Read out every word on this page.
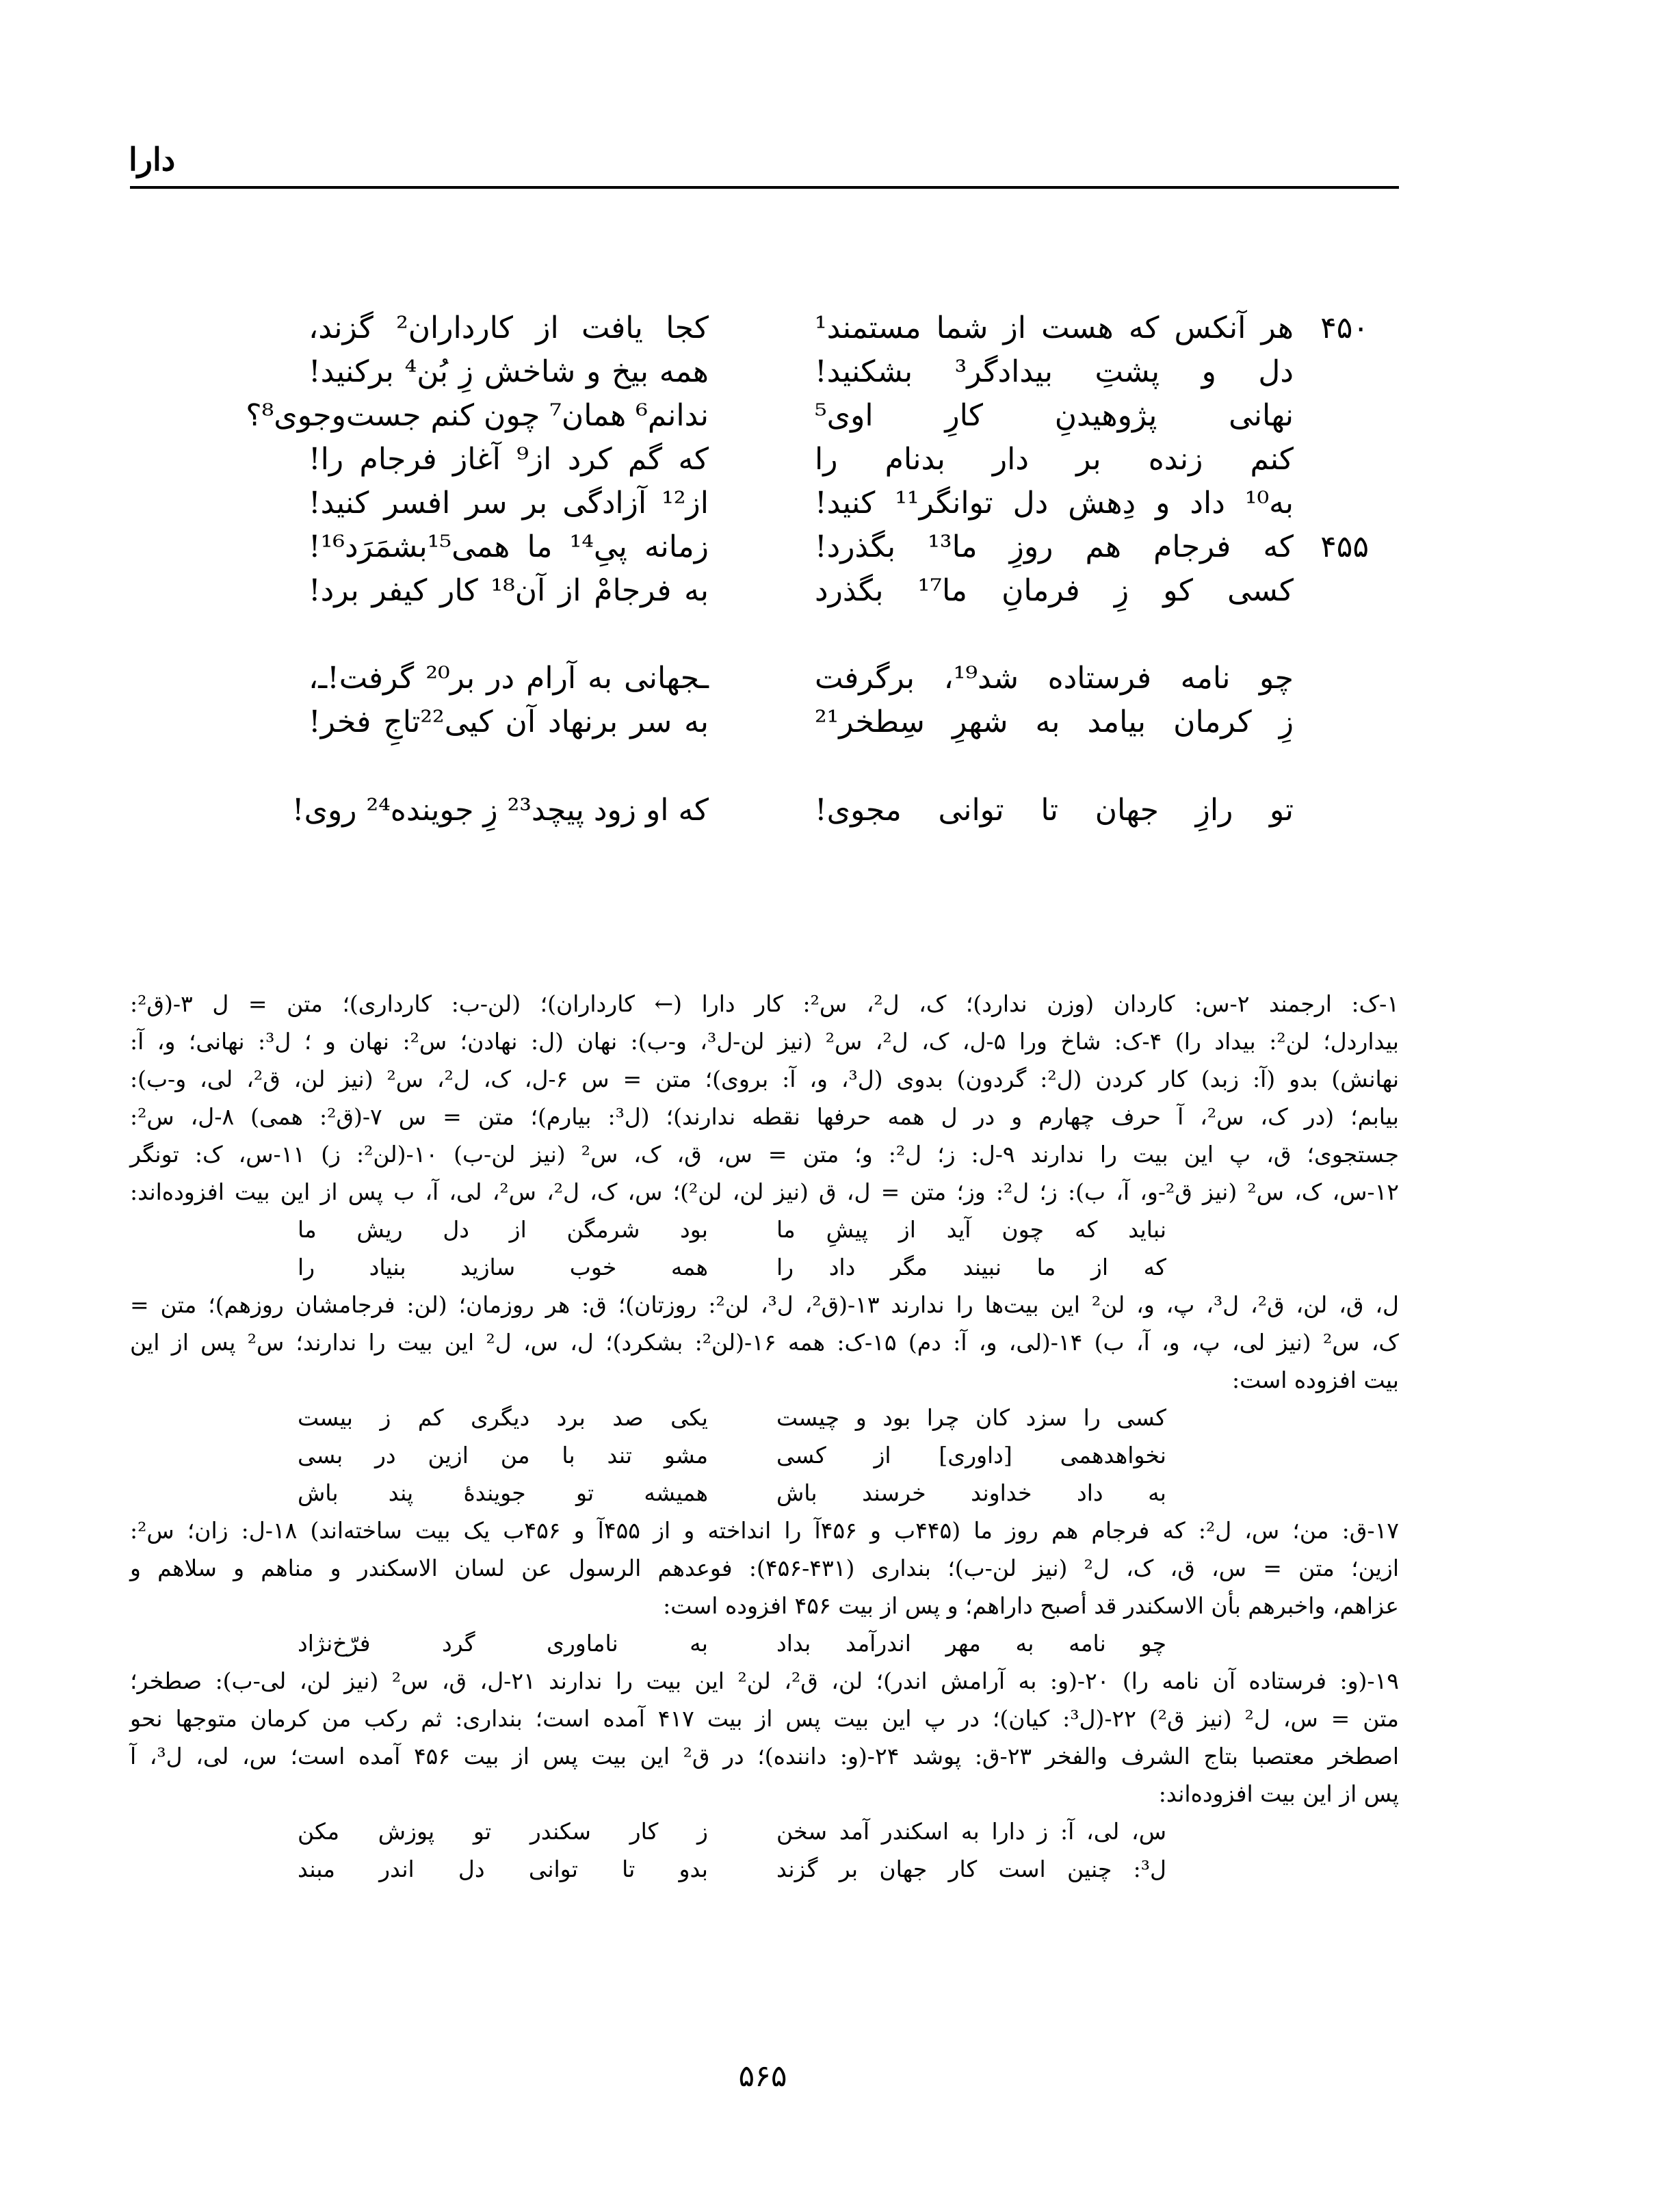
دارا
۴۵۰
هر آنکس که هست از شما مستمند¹
کجا یافت از کارداران² گزند،
دل و پشتِ بیدادگر³ بشکنید!
همه بیخ و شاخش زِ بُن⁴ برکنید!
نهانی پژوهیدنِ کارِ اوی⁵
ندانم⁶ همان⁷ چون کنم جست‌وجوی⁸؟
کنم زنده بر دار بدنام را
که گم کرد از⁹ آغاز فرجام را!
به¹⁰ داد و دِهش دل توانگر¹¹ کنید!
از¹² آزادگی بر سر افسر کنید!
۴۵۵
که فرجام هم روزِ ما¹³ بگذرد!
زمانه پیِ¹⁴ ما همی¹⁵بشمَرَد¹⁶!
کسی کو زِ فرمانِ ما¹⁷ بگذرد
به فرجامْ از آن¹⁸ کار کیفر برد!
چو نامه فرستاده شد¹⁹، برگرفت
ـجهانی به آرام در بر²⁰ گرفت!ـ،
زِ کرمان بیامد به شهرِ سِطخر²¹
به سر برنهاد آن کیی²²تاجِ فخر!
تو رازِ جهان تا توانی مجوی!
که او زود پیچد²³ زِ جوینده²⁴ روی!
۱-ک: ارجمند ۲-س: کاردان (وزن ندارد)؛ ک، ل²، س²: کار دارا (← کارداران)؛ (لن-ب: کارداری)؛ متن = ل ۳-(ق²:
بیداردل؛ لن²: بیداد را) ۴-ک: شاخ ورا ۵-ل، ک، ل²، س² (نیز لن-ل³، و-ب): نهان (ل: نهادن؛ س²: نهان و ؛ ل³: نهانی؛ و، آ:
نهانش) بدو (آ: زبد) کار کردن (ل²: گردون) بدوی (ل³، و، آ: بروی)؛ متن = س ۶-ل، ک، ل²، س² (نیز لن، ق²، لی، و-ب):
بیابم؛ (در ک، س²، آ حرف چهارم و در ل همه حرفها نقطه ندارند)؛ (ل³: بیارم)؛ متن = س ۷-(ق²: همی) ۸-ل، س²:
جستجوی؛ ق، پ این بیت را ندارند ۹-ل: ز؛ ل²: و؛ متن = س، ق، ک، س² (نیز لن-ب) ۱۰-(لن²: ز) ۱۱-س، ک: تونگر
۱۲-س، ک، س² (نیز ق²-و، آ، ب): ز؛ ل²: وز؛ متن = ل، ق (نیز لن، لن²)؛ س، ک، ل²، س²، لی، آ، ب پس از این بیت افزوده‌اند:
نباید که چون آید از پیشِ ما
بود شرمگن از دل ریش ما
که از ما نبیند مگر داد را
همه خوب سازید بنیاد را
ل، ق، لن، ق²، ل³، پ، و، لن² این بیت‌ها را ندارند ۱۳-(ق²، ل³، لن²: روزتان)؛ ق: هر روزمان؛ (لن: فرجامشان روزهم)؛ متن =
ک، س² (نیز لی، پ، و، آ، ب) ۱۴-(لی، و، آ: دم) ۱۵-ک: همه ۱۶-(لن²: بشکرد)؛ ل، س، ل² این بیت را ندارند؛ س² پس از این
بیت افزوده است:
کسی را سزد کان چرا بود و چیست
یکی صد برد دیگری کم ز بیست
نخواهدهمی [داوری] از کسی
مشو تند با من ازین در بسی
به داد خداوند خرسند باش
همیشه تو جویندهٔ پند باش
۱۷-ق: من؛ س، ل²: که فرجام هم روز ما (۴۴۵ب و ۴۵۶آ را انداخته و از ۴۵۵آ و ۴۵۶ب یک بیت ساخته‌اند) ۱۸-ل: زان؛ س²:
ازین؛ متن = س، ق، ک، ل² (نیز لن-ب)؛ بنداری (۴۳۱-۴۵۶): فوعدهم الرسول عن لسان الاسکندر و مناهم و سلاهم و
عزاهم، واخبرهم بأن الاسکندر قد أصبح داراهم؛ و پس از بیت ۴۵۶ افزوده است:
چو نامه به مهر اندرآمد بداد
به ناماوری گرد فرّخ‌نژاد
۱۹-(و: فرستاده آن نامه را) ۲۰-(و: به آرامش اندر)؛ لن، ق²، لن² این بیت را ندارند ۲۱-ل، ق، س² (نیز لن، لی-ب): صطخر؛
متن = س، ل² (نیز ق²) ۲۲-(ل³: کیان)؛ در پ این بیت پس از بیت ۴۱۷ آمده است؛ بنداری: ثم رکب من کرمان متوجها نحو
اصطخر معتصبا بتاج الشرف والفخر ۲۳-ق: پوشد ۲۴-(و: داننده)؛ در ق² این بیت پس از بیت ۴۵۶ آمده است؛ س، لی، ل³، آ
پس از این بیت افزوده‌اند:
س، لی، آ: ز دارا به اسکندر آمد سخن
ز کار سکندر تو پوزش مکن
ل³: چنین است کار جهان بر گزند
بدو تا توانی دل اندر مبند
۵۶۵
